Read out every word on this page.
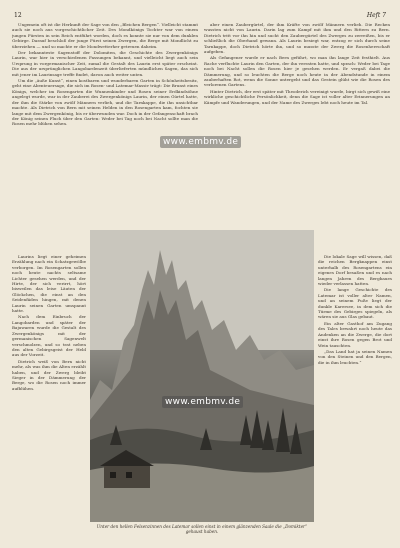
12	Heft 7

Ungemein oft ist die Herkunft der Sage von den „Bleichen Bergen“. Vielleicht stammt auch sie noch aus vorgeschichtlicher Zeit. Des Mondkönigs Tochter war von einem jungen Fürsten in sein Reich entführt worden, doch es konnte sie nur von dem dunklen Gebirge. Darauf beschloß der junge Fürst seinen Zwergen, die Berge mit Mondlicht zu überziehen — und so machte er die Mondwetterher getreuen daheim.

Der bekannteste Sagenstoff der Dolomiten, die Geschichte des Zwergenkönigs Laurin, war hier in verschiedenen Fassungen bekannt, und vielleicht liegt auch sein Ursprung in vorgermanischer Zeit, zumal die Gestalt des Laurin erst später erscheint. Die aus der ursprünglichen Langobardenzeit überlieferten mündlichen Sagen, das sich mit jener im Laurinsage treffe findet, davon auch weiter unten.

Um die „äuße Kunst“, einen kostbaren und wunderbaren Garten in Schönheitsbesitz, geht eine Abenteuersage, die sich im Rosen- und Latemar-Massiv trägt: Die Brunst eines Königs, welcher im Rosengarten die Wunnenkinder und Rosen seiner Erdkindsöhne angelegt wurde, war in der Zauberei des Zwergenkönigs Laurin, der einen Gürtel hatte, der ihm die Stärke von zwölf Männern verlieh, und die Tarnkappe, die ihn unsichtbar machte. Als Dietrich von Bern mit seinen Helden in den Rosengarten kam, fochten sie lange mit dem Zwergenkönig, bis er überwunden war. Doch in der Gefangenschaft brach der König seinen Fluch über den Garten: Weder bei Tag noch bei Nacht sollte man die Rosen mehr blühen sehen.

aber einen Zaubergürtel, der ihm Kräfte von zwölf Männern verlieh. Die Recken wussten nicht von Laurin. Darin lag zum Kampf mit ihm und den Rittern zu Bern. Dietrich tritt vor ihn hin und sucht den Zaubergürtel des Zwerges zu zerreißen, bis er schließlich die Oberhand gewann. Als Laurin besiegt war, entzog er sich durch seine Tarnkappe, doch Dietrich hörte ihn, und so musste der Zwerg die Rosenherrschaft aufgeben.

Als Gefangener wurde er nach Bern geführt, wo man ihn lange Zeit festhielt. Aus Rache verfluchte Laurin den Garten, der ihn verraten hatte, und sprach: Weder bei Tage noch bei Nacht sollen die Rosen hier je gesehen werden. Er vergaß dabei die Dämmerung, und so leuchten die Berge noch heute in der Abendstunde in einem zauberhaften Rot, wenn die Sonne untergeht und das Gestein glüht wie die Rosen des verlorenen Gartens.

Hinter Dietrich, der erst später mit Theoderich vereinigt wurde, birgt sich gewiß eine wirkliche geschichtliche Persönlichkeit, denn die Sage ist voller alter Erinnerungen an Kämpfe und Wanderungen, und der Name des Zwerges lebt noch heute im Tal.

Laurins liegt einer geheimen Erzählung nach ein Schatzgewölbe verborgen. Im Rosengarten sollen noch heute nachts seltsame Lichter gesehen werden, und der Hirte, der sich verirrt, hört bisweilen das leise Läuten der Glöckchen, die einst an den Seidenfäden hingen, mit denen Laurin seinen Garten umspannt hatte.

Nach dem Einbruch der Langobarden und später der Bajuwaren wurde die Gestalt des Zwergenkönigs mit der germanischen Sagenwelt verschmolzen, und so trat neben den alten Gebirgsgeist der Held aus der Vorzeit.

Dietrich weiß von Bern nicht mehr, als was ihm die Alten erzählt haben, und der Zwerg bleibt Sieger in der Dämmerung der Berge, wo die Rosen noch immer aufblühen.

Die lokale Sage will wissen, daß die reichen Bergknappen einst unterhalb des Rosengartens ein eigenes Dorf besaßen und es nach langen Jahren des Bergbaues wieder verlassen hatten.

Die lange Geschichte des Latemar ist voller alter Namen, und an seinem Fuße liegt der dunkle Karersee, in dem sich die Türme des Gebirges spiegeln, als wären sie aus Glas gebaut.

Ein alter Gasthof am Zugang des Tales bewahrt noch heute das Andenken an die Zwerge, die dort einst ihre Rosen gegen Brot und Wein tauschten.

„Das Land hat ja seinen Namen von den Steinen und den Bergen, die in ihm leuchten.“

Unter den hellen Felsenzinnen des Latemar sollen einst in einem glänzenden Saale die „Domikter“ gehaust haben.
www.embmv.de
www.embmv.de
